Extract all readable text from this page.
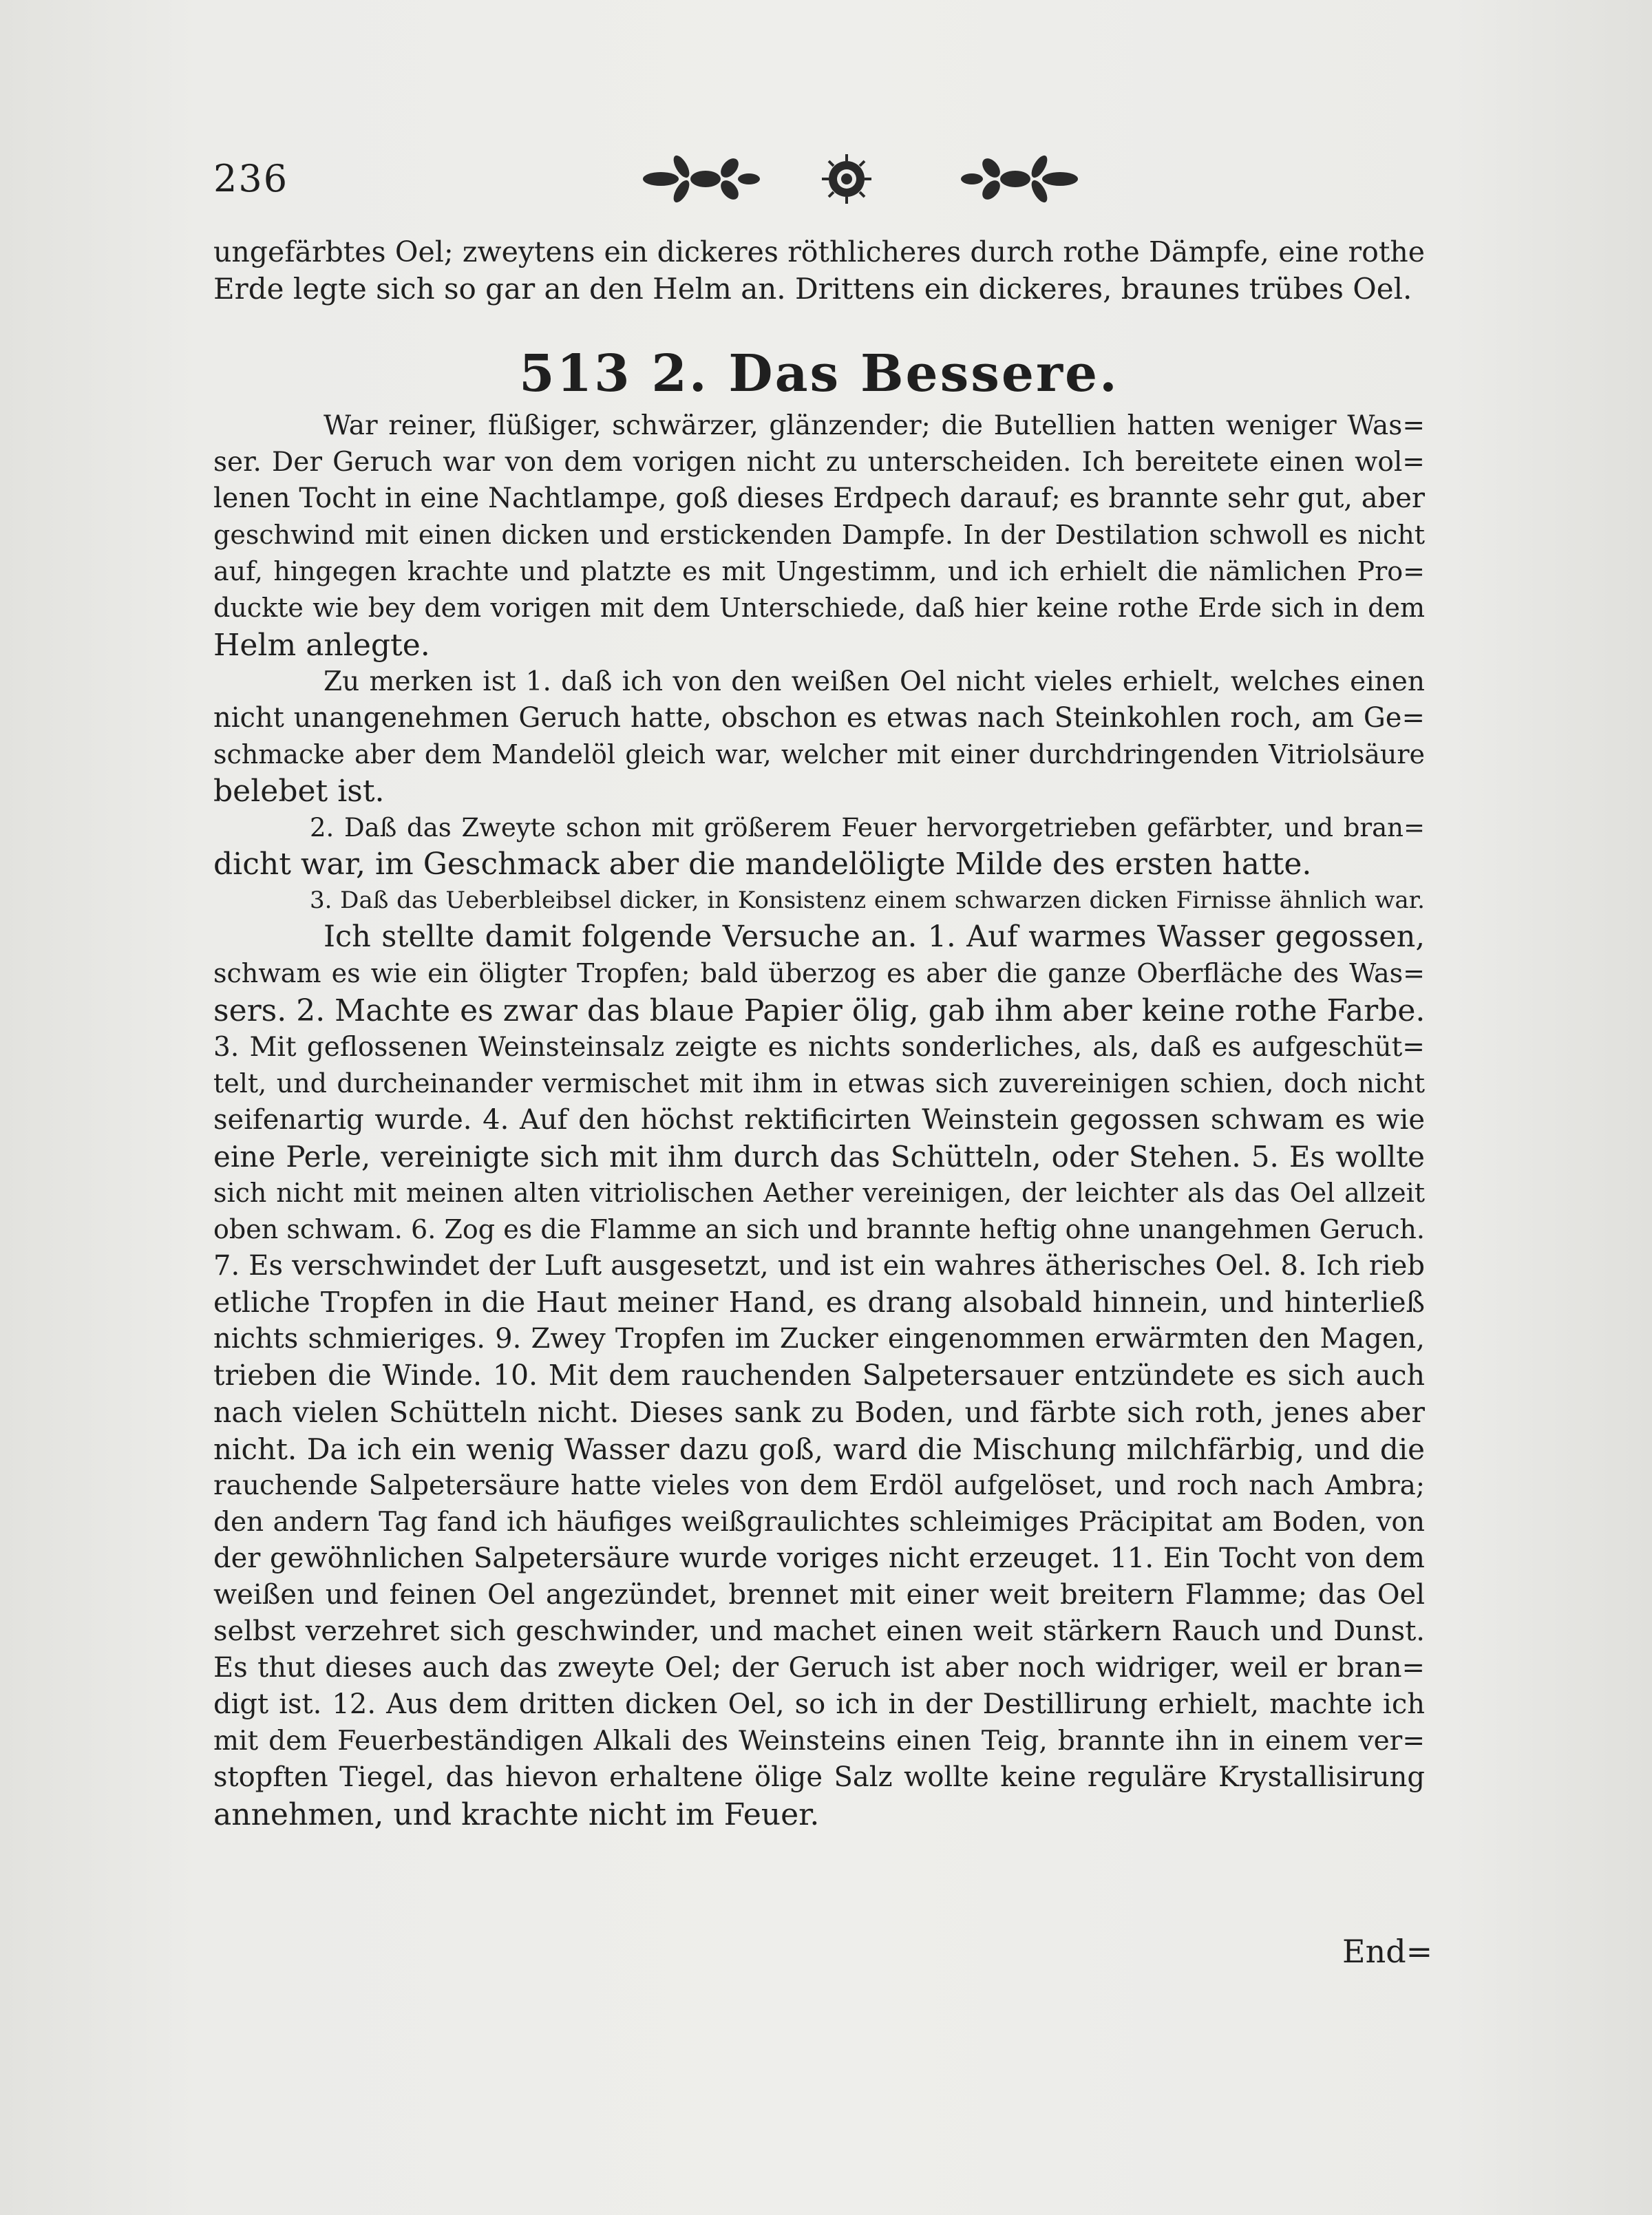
236
ungefärbtes Oel; zweytens ein dickeres röthlicheres durch rothe Dämpfe, eine rothe
Erde legte sich so gar an den Helm an. Drittens ein dickeres, braunes trübes Oel.
513 2. Das Bessere.
War reiner, flüßiger, schwärzer, glänzender; die Butellien hatten weniger Was=
ser. Der Geruch war von dem vorigen nicht zu unterscheiden. Ich bereitete einen wol=
lenen Tocht in eine Nachtlampe, goß dieses Erdpech darauf; es brannte sehr gut, aber
geschwind mit einen dicken und erstickenden Dampfe. In der Destilation schwoll es nicht
auf, hingegen krachte und platzte es mit Ungestimm, und ich erhielt die nämlichen Pro=
duckte wie bey dem vorigen mit dem Unterschiede, daß hier keine rothe Erde sich in dem
Helm anlegte.
Zu merken ist 1. daß ich von den weißen Oel nicht vieles erhielt, welches einen
nicht unangenehmen Geruch hatte, obschon es etwas nach Steinkohlen roch, am Ge=
schmacke aber dem Mandelöl gleich war, welcher mit einer durchdringenden Vitriolsäure
belebet ist.
2. Daß das Zweyte schon mit größerem Feuer hervorgetrieben gefärbter, und bran=
dicht war, im Geschmack aber die mandelöligte Milde des ersten hatte.
3. Daß das Ueberbleibsel dicker, in Konsistenz einem schwarzen dicken Firnisse ähnlich war.
Ich stellte damit folgende Versuche an. 1. Auf warmes Wasser gegossen,
schwam es wie ein öligter Tropfen; bald überzog es aber die ganze Oberfläche des Was=
sers. 2. Machte es zwar das blaue Papier ölig, gab ihm aber keine rothe Farbe.
3. Mit geflossenen Weinsteinsalz zeigte es nichts sonderliches, als, daß es aufgeschüt=
telt, und durcheinander vermischet mit ihm in etwas sich zuvereinigen schien, doch nicht
seifenartig wurde. 4. Auf den höchst rektificirten Weinstein gegossen schwam es wie
eine Perle, vereinigte sich mit ihm durch das Schütteln, oder Stehen. 5. Es wollte
sich nicht mit meinen alten vitriolischen Aether vereinigen, der leichter als das Oel allzeit
oben schwam. 6. Zog es die Flamme an sich und brannte heftig ohne unangehmen Geruch.
7. Es verschwindet der Luft ausgesetzt, und ist ein wahres ätherisches Oel. 8. Ich rieb
etliche Tropfen in die Haut meiner Hand, es drang alsobald hinnein, und hinterließ
nichts schmieriges. 9. Zwey Tropfen im Zucker eingenommen erwärmten den Magen,
trieben die Winde. 10. Mit dem rauchenden Salpetersauer entzündete es sich auch
nach vielen Schütteln nicht. Dieses sank zu Boden, und färbte sich roth, jenes aber
nicht. Da ich ein wenig Wasser dazu goß, ward die Mischung milchfärbig, und die
rauchende Salpetersäure hatte vieles von dem Erdöl aufgelöset, und roch nach Ambra;
den andern Tag fand ich häufiges weißgraulichtes schleimiges Präcipitat am Boden, von
der gewöhnlichen Salpetersäure wurde voriges nicht erzeuget. 11. Ein Tocht von dem
weißen und feinen Oel angezündet, brennet mit einer weit breitern Flamme; das Oel
selbst verzehret sich geschwinder, und machet einen weit stärkern Rauch und Dunst.
Es thut dieses auch das zweyte Oel; der Geruch ist aber noch widriger, weil er bran=
digt ist. 12. Aus dem dritten dicken Oel, so ich in der Destillirung erhielt, machte ich
mit dem Feuerbeständigen Alkali des Weinsteins einen Teig, brannte ihn in einem ver=
stopften Tiegel, das hievon erhaltene ölige Salz wollte keine reguläre Krystallisirung
annehmen, und krachte nicht im Feuer.
End=
